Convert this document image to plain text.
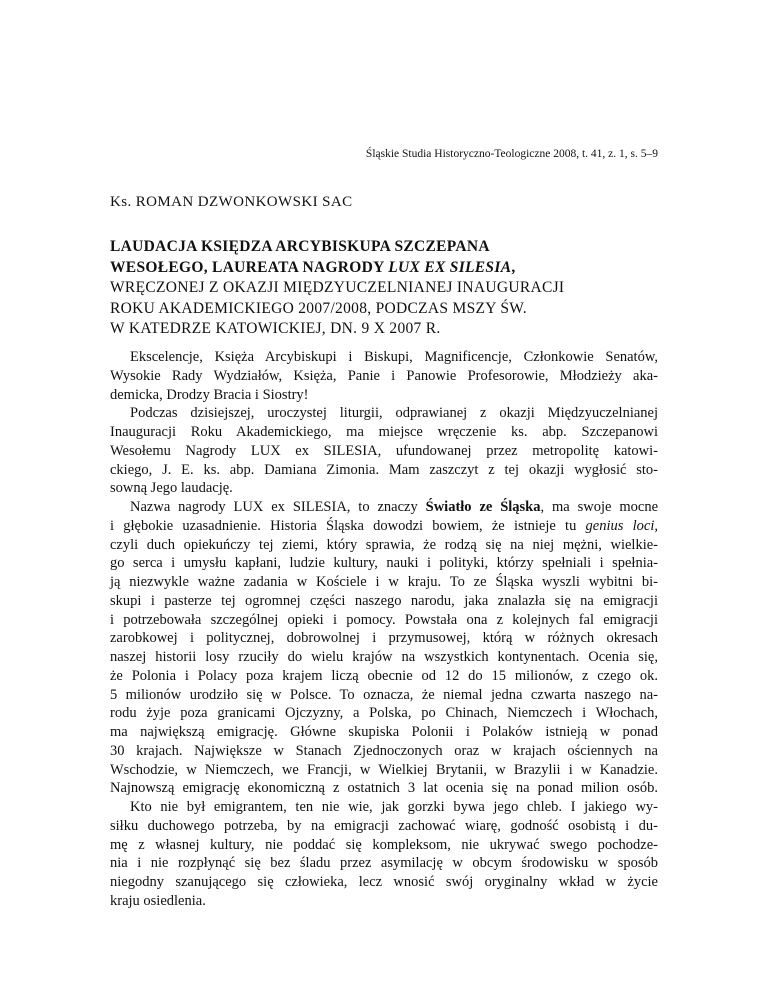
Śląskie Studia Historyczno-Teologiczne 2008, t. 41, z. 1, s. 5–9
Ks. ROMAN DZWONKOWSKI SAC
LAUDACJA KSIĘDZA ARCYBISKUPA SZCZEPANA
WESOŁEGO, LAUREATA NAGRODY LUX EX SILESIA,
WRĘCZONEJ Z OKAZJI MIĘDZYUCZELNIANEJ INAUGURACJI
ROKU AKADEMICKIEGO 2007/2008, PODCZAS MSZY ŚW.
W KATEDRZE KATOWICKIEJ, DN. 9 X 2007 R.
Ekscelencje, Księża Arcybiskupi i Biskupi, Magnificencje, Członkowie Senatów,
Wysokie Rady Wydziałów, Księża, Panie i Panowie Profesorowie, Młodzieży aka-
demicka, Drodzy Bracia i Siostry!
Podczas dzisiejszej, uroczystej liturgii, odprawianej z okazji Międzyuczelnianej
Inauguracji Roku Akademickiego, ma miejsce wręczenie ks. abp. Szczepanowi
Wesołemu Nagrody LUX ex SILESIA, ufundowanej przez metropolitę katowi-
ckiego, J. E. ks. abp. Damiana Zimonia. Mam zaszczyt z tej okazji wygłosić sto-
sowną Jego laudację.
Nazwa nagrody LUX ex SILESIA, to znaczy Światło ze Śląska, ma swoje mocne
i głębokie uzasadnienie. Historia Śląska dowodzi bowiem, że istnieje tu genius loci,
czyli duch opiekuńczy tej ziemi, który sprawia, że rodzą się na niej mężni, wielkie-
go serca i umysłu kapłani, ludzie kultury, nauki i polityki, którzy spełniali i spełnia-
ją niezwykle ważne zadania w Kościele i w kraju. To ze Śląska wyszli wybitni bi-
skupi i pasterze tej ogromnej części naszego narodu, jaka znalazła się na emigracji
i potrzebowała szczególnej opieki i pomocy. Powstała ona z kolejnych fal emigracji
zarobkowej i politycznej, dobrowolnej i przymusowej, którą w różnych okresach
naszej historii losy rzuciły do wielu krajów na wszystkich kontynentach. Ocenia się,
że Polonia i Polacy poza krajem liczą obecnie od 12 do 15 milionów, z czego ok.
5 milionów urodziło się w Polsce. To oznacza, że niemal jedna czwarta naszego na-
rodu żyje poza granicami Ojczyzny, a Polska, po Chinach, Niemczech i Włochach,
ma największą emigrację. Główne skupiska Polonii i Polaków istnieją w ponad
30 krajach. Największe w Stanach Zjednoczonych oraz w krajach ościennych na
Wschodzie, w Niemczech, we Francji, w Wielkiej Brytanii, w Brazylii i w Kanadzie.
Najnowszą emigrację ekonomiczną z ostatnich 3 lat ocenia się na ponad milion osób.
Kto nie był emigrantem, ten nie wie, jak gorzki bywa jego chleb. I jakiego wy-
siłku duchowego potrzeba, by na emigracji zachować wiarę, godność osobistą i du-
mę z własnej kultury, nie poddać się kompleksom, nie ukrywać swego pochodze-
nia i nie rozpłynąć się bez śladu przez asymilację w obcym środowisku w sposób
niegodny szanującego się człowieka, lecz wnosić swój oryginalny wkład w życie
kraju osiedlenia.
